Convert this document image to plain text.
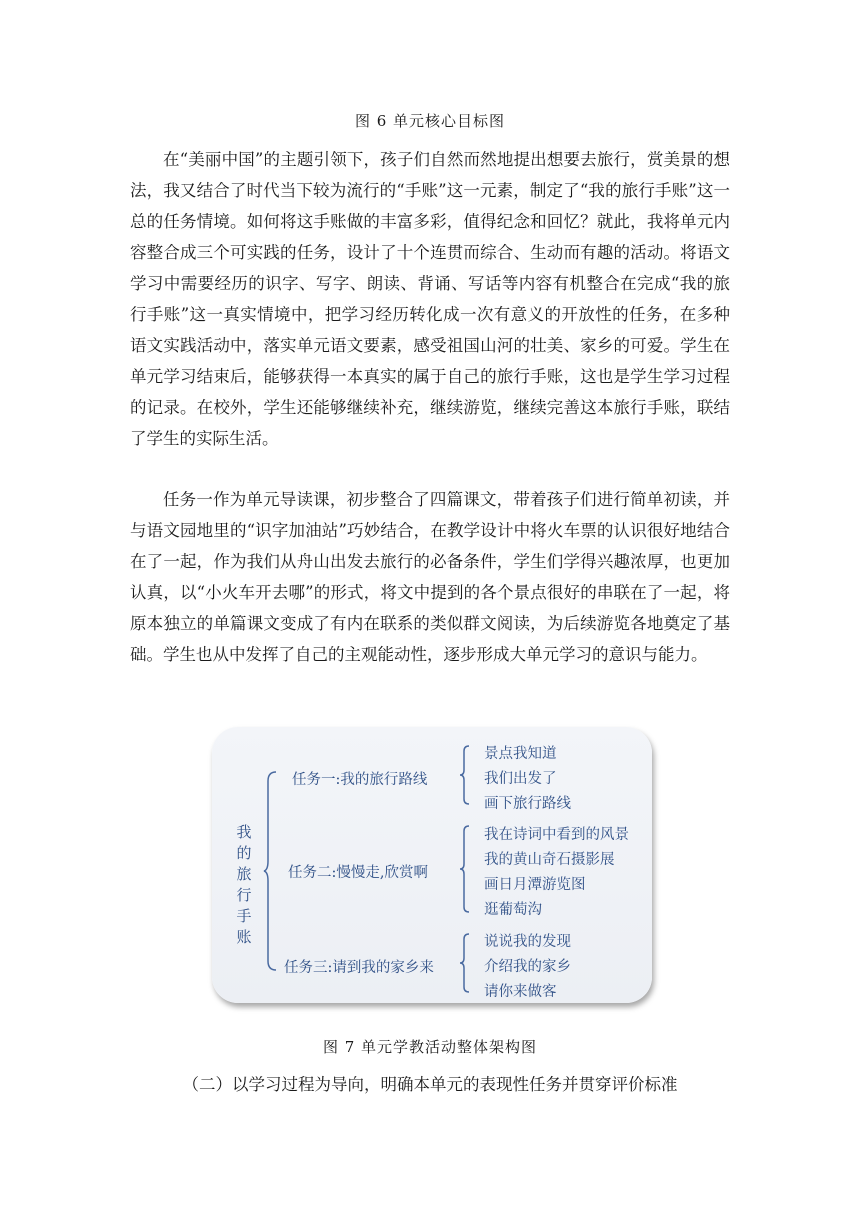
图 6 单元核心目标图

在“美丽中国”的主题引领下，孩子们自然而然地提出想要去旅行，赏美景的想法，我又结合了时代当下较为流行的“手账”这一元素，制定了“我的旅行手账”这一总的任务情境。如何将这手账做的丰富多彩，值得纪念和回忆？就此，我将单元内容整合成三个可实践的任务，设计了十个连贯而综合、生动而有趣的活动。将语文学习中需要经历的识字、写字、朗读、背诵、写话等内容有机整合在完成“我的旅行手账”这一真实情境中，把学习经历转化成一次有意义的开放性的任务，在多种语文实践活动中，落实单元语文要素，感受祖国山河的壮美、家乡的可爱。学生在单元学习结束后，能够获得一本真实的属于自己的旅行手账，这也是学生学习过程的记录。在校外，学生还能够继续补充，继续游览，继续完善这本旅行手账，联结了学生的实际生活。

任务一作为单元导读课，初步整合了四篇课文，带着孩子们进行简单初读，并与语文园地里的“识字加油站”巧妙结合，在教学设计中将火车票的认识很好地结合在了一起，作为我们从舟山出发去旅行的必备条件，学生们学得兴趣浓厚，也更加认真，以“小火车开去哪”的形式，将文中提到的各个景点很好的串联在了一起，将原本独立的单篇课文变成了有内在联系的类似群文阅读，为后续游览各地奠定了基础。学生也从中发挥了自己的主观能动性，逐步形成大单元学习的意识与能力。

我的旅行手账
任务一:我的旅行路线
景点我知道
我们出发了
画下旅行路线
任务二:慢慢走,欣赏啊
我在诗词中看到的风景
我的黄山奇石摄影展
画日月潭游览图
逛葡萄沟
任务三:请到我的家乡来
说说我的发现
介绍我的家乡
请你来做客
图 7 单元学教活动整体架构图
（二）以学习过程为导向，明确本单元的表现性任务并贯穿评价标准
